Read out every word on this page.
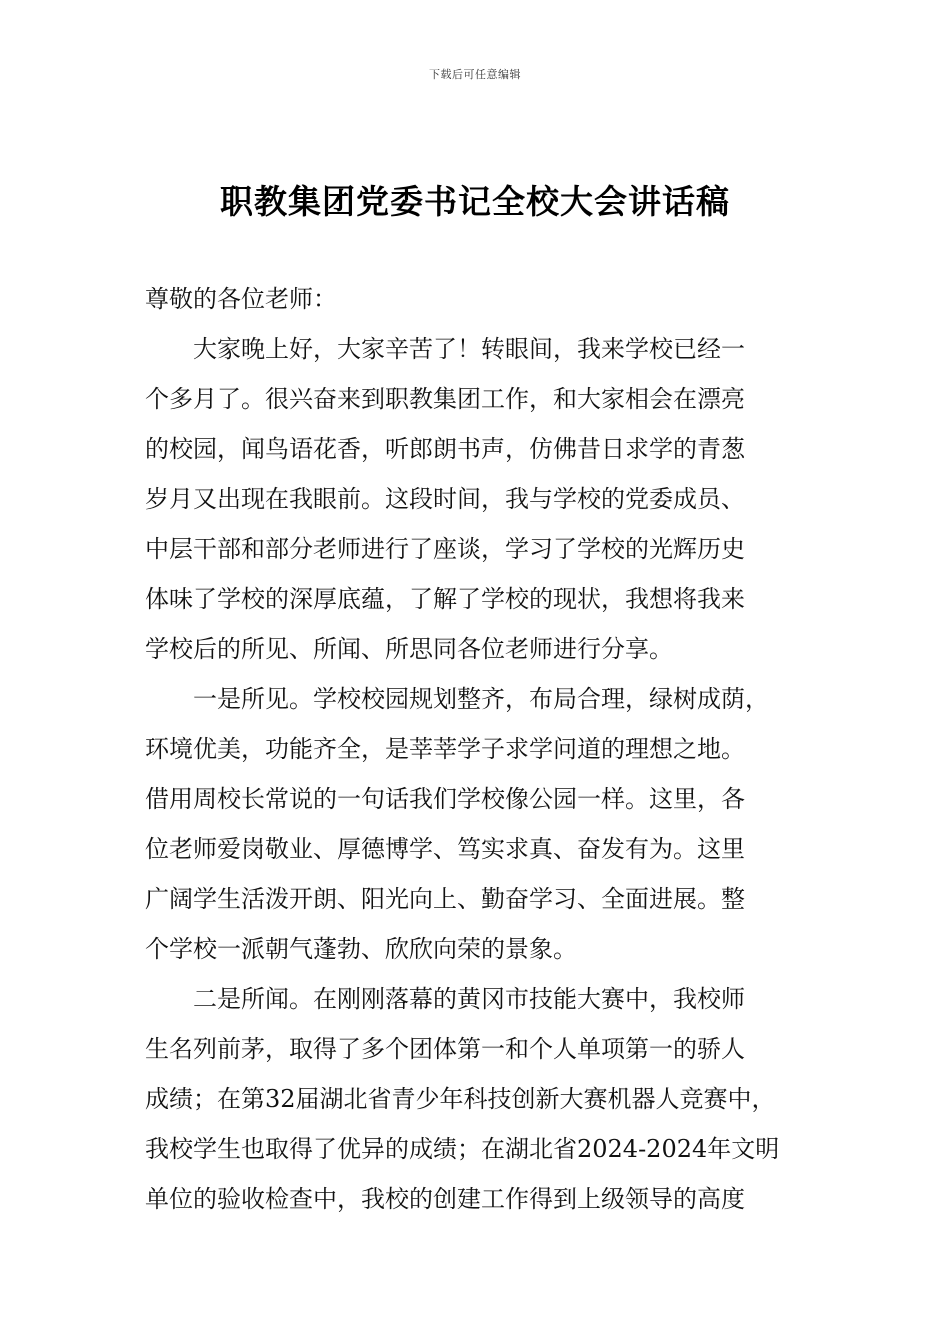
下载后可任意编辑
职教集团党委书记全校大会讲话稿
尊敬的各位老师：
大家晚上好，大家辛苦了！转眼间，我来学校已经一
个多月了。很兴奋来到职教集团工作，和大家相会在漂亮
的校园，闻鸟语花香，听郎朗书声，仿佛昔日求学的青葱
岁月又出现在我眼前。这段时间，我与学校的党委成员、
中层干部和部分老师进行了座谈，学习了学校的光辉历史
体味了学校的深厚底蕴，了解了学校的现状，我想将我来
学校后的所见、所闻、所思同各位老师进行分享。
一是所见。学校校园规划整齐，布局合理，绿树成荫，
环境优美，功能齐全，是莘莘学子求学问道的理想之地。
借用周校长常说的一句话我们学校像公园一样。这里，各
位老师爱岗敬业、厚德博学、笃实求真、奋发有为。这里
广阔学生活泼开朗、阳光向上、勤奋学习、全面进展。整
个学校一派朝气蓬勃、欣欣向荣的景象。
二是所闻。在刚刚落幕的黄冈市技能大赛中，我校师
生名列前茅，取得了多个团体第一和个人单项第一的骄人
成绩；在第32届湖北省青少年科技创新大赛机器人竞赛中，
我校学生也取得了优异的成绩；在湖北省2024-2024年文明
单位的验收检查中，我校的创建工作得到上级领导的高度
